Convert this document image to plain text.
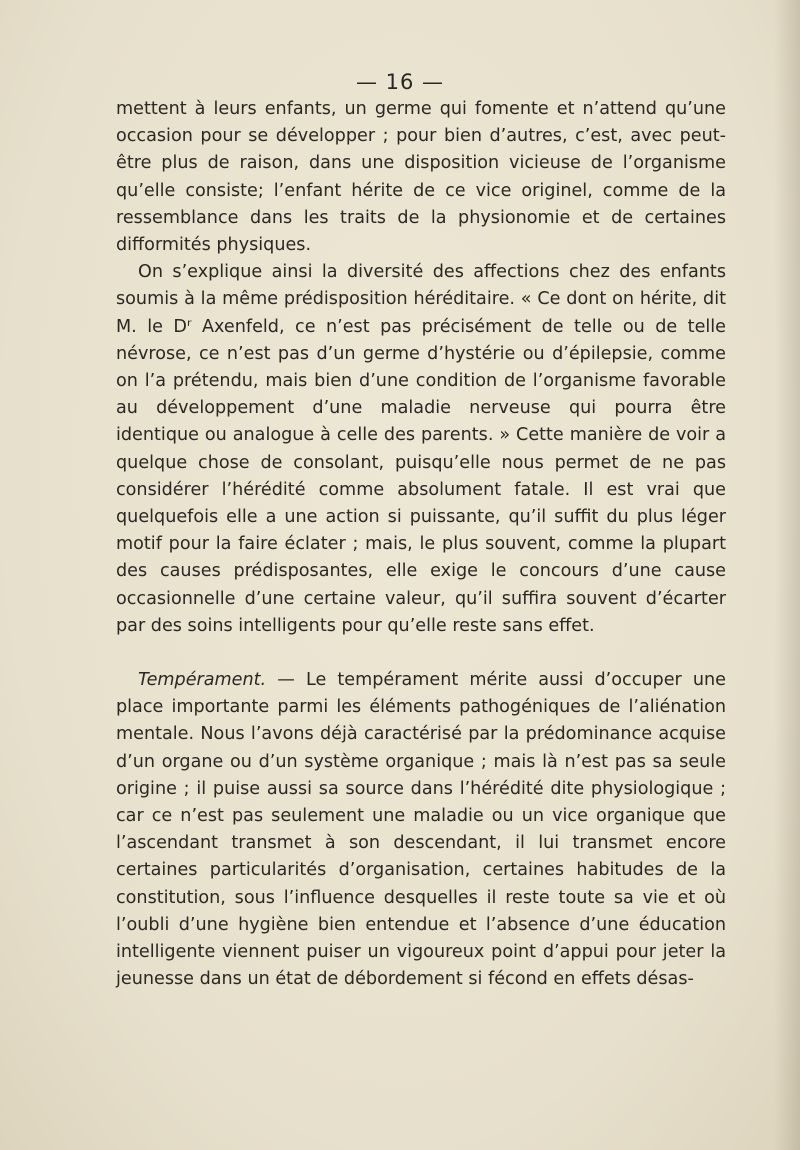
— 16 —

mettent à leurs enfants, un germe qui fomente et n’attend qu’une occasion pour se développer ; pour bien d’autres, c’est, avec peut-être plus de raison, dans une disposition vicieuse de l’organisme qu’elle consiste; l’enfant hérite de ce vice originel, comme de la ressemblance dans les traits de la physionomie et de certaines difformités physiques.

On s’explique ainsi la diversité des affections chez des enfants soumis à la même prédisposition héréditaire. « Ce dont on hérite, dit M. le Dʳ Axenfeld, ce n’est pas précisément de telle ou de telle névrose, ce n’est pas d’un germe d’hystérie ou d’épilepsie, comme on l’a prétendu, mais bien d’une condition de l’organisme favorable au développement d’une maladie nerveuse qui pourra être identique ou analogue à celle des parents. » Cette manière de voir a quelque chose de consolant, puisqu’elle nous permet de ne pas considérer l’hérédité comme absolument fatale. Il est vrai que quelquefois elle a une action si puissante, qu’il suffit du plus léger motif pour la faire éclater ; mais, le plus souvent, comme la plupart des causes prédisposantes, elle exige le concours d’une cause occasionnelle d’une certaine valeur, qu’il suffira souvent d’écarter par des soins intelligents pour qu’elle reste sans effet.

Tempérament. — Le tempérament mérite aussi d’occuper une place importante parmi les éléments pathogéniques de l’aliénation mentale. Nous l’avons déjà caractérisé par la prédominance acquise d’un organe ou d’un système organique ; mais là n’est pas sa seule origine ; il puise aussi sa source dans l’hérédité dite physiologique ; car ce n’est pas seulement une maladie ou un vice organique que l’ascendant transmet à son descendant, il lui transmet encore certaines particularités d’organisation, certaines habitudes de la constitution, sous l’influence desquelles il reste toute sa vie et où l’oubli d’une hygiène bien entendue et l’absence d’une éducation intelligente viennent puiser un vigoureux point d’appui pour jeter la jeunesse dans un état de débordement si fécond en effets désas-
